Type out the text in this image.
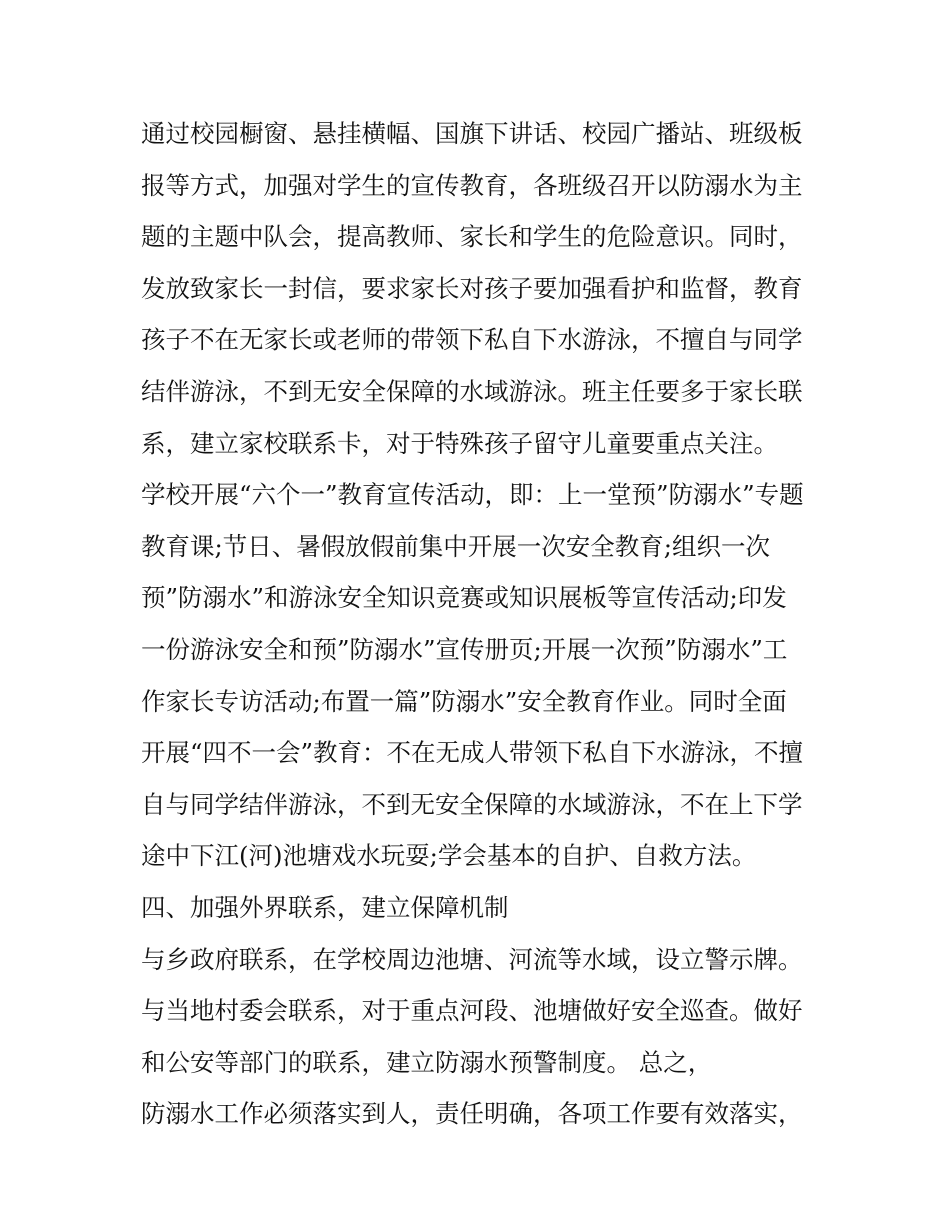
通过校园橱窗、悬挂横幅、国旗下讲话、校园广播站、班级板
报等方式，加强对学生的宣传教育，各班级召开以防溺水为主
题的主题中队会，提高教师、家长和学生的危险意识。同时，
发放致家长一封信，要求家长对孩子要加强看护和监督，教育
孩子不在无家长或老师的带领下私自下水游泳，不擅自与同学
结伴游泳，不到无安全保障的水域游泳。班主任要多于家长联
系，建立家校联系卡，对于特殊孩子留守儿童要重点关注。
学校开展“六个一”教育宣传活动，即：上一堂预”防溺水”专题
教育课;节日、暑假放假前集中开展一次安全教育;组织一次
预”防溺水”和游泳安全知识竞赛或知识展板等宣传活动;印发
一份游泳安全和预”防溺水”宣传册页;开展一次预”防溺水”工
作家长专访活动;布置一篇”防溺水”安全教育作业。同时全面
开展“四不一会”教育：不在无成人带领下私自下水游泳，不擅
自与同学结伴游泳，不到无安全保障的水域游泳，不在上下学
途中下江(河)池塘戏水玩耍;学会基本的自护、自救方法。
四、加强外界联系，建立保障机制
与乡政府联系，在学校周边池塘、河流等水域，设立警示牌。
与当地村委会联系，对于重点河段、池塘做好安全巡查。做好
和公安等部门的联系，建立防溺水预警制度。 总之，
防溺水工作必须落实到人，责任明确，各项工作要有效落实，
